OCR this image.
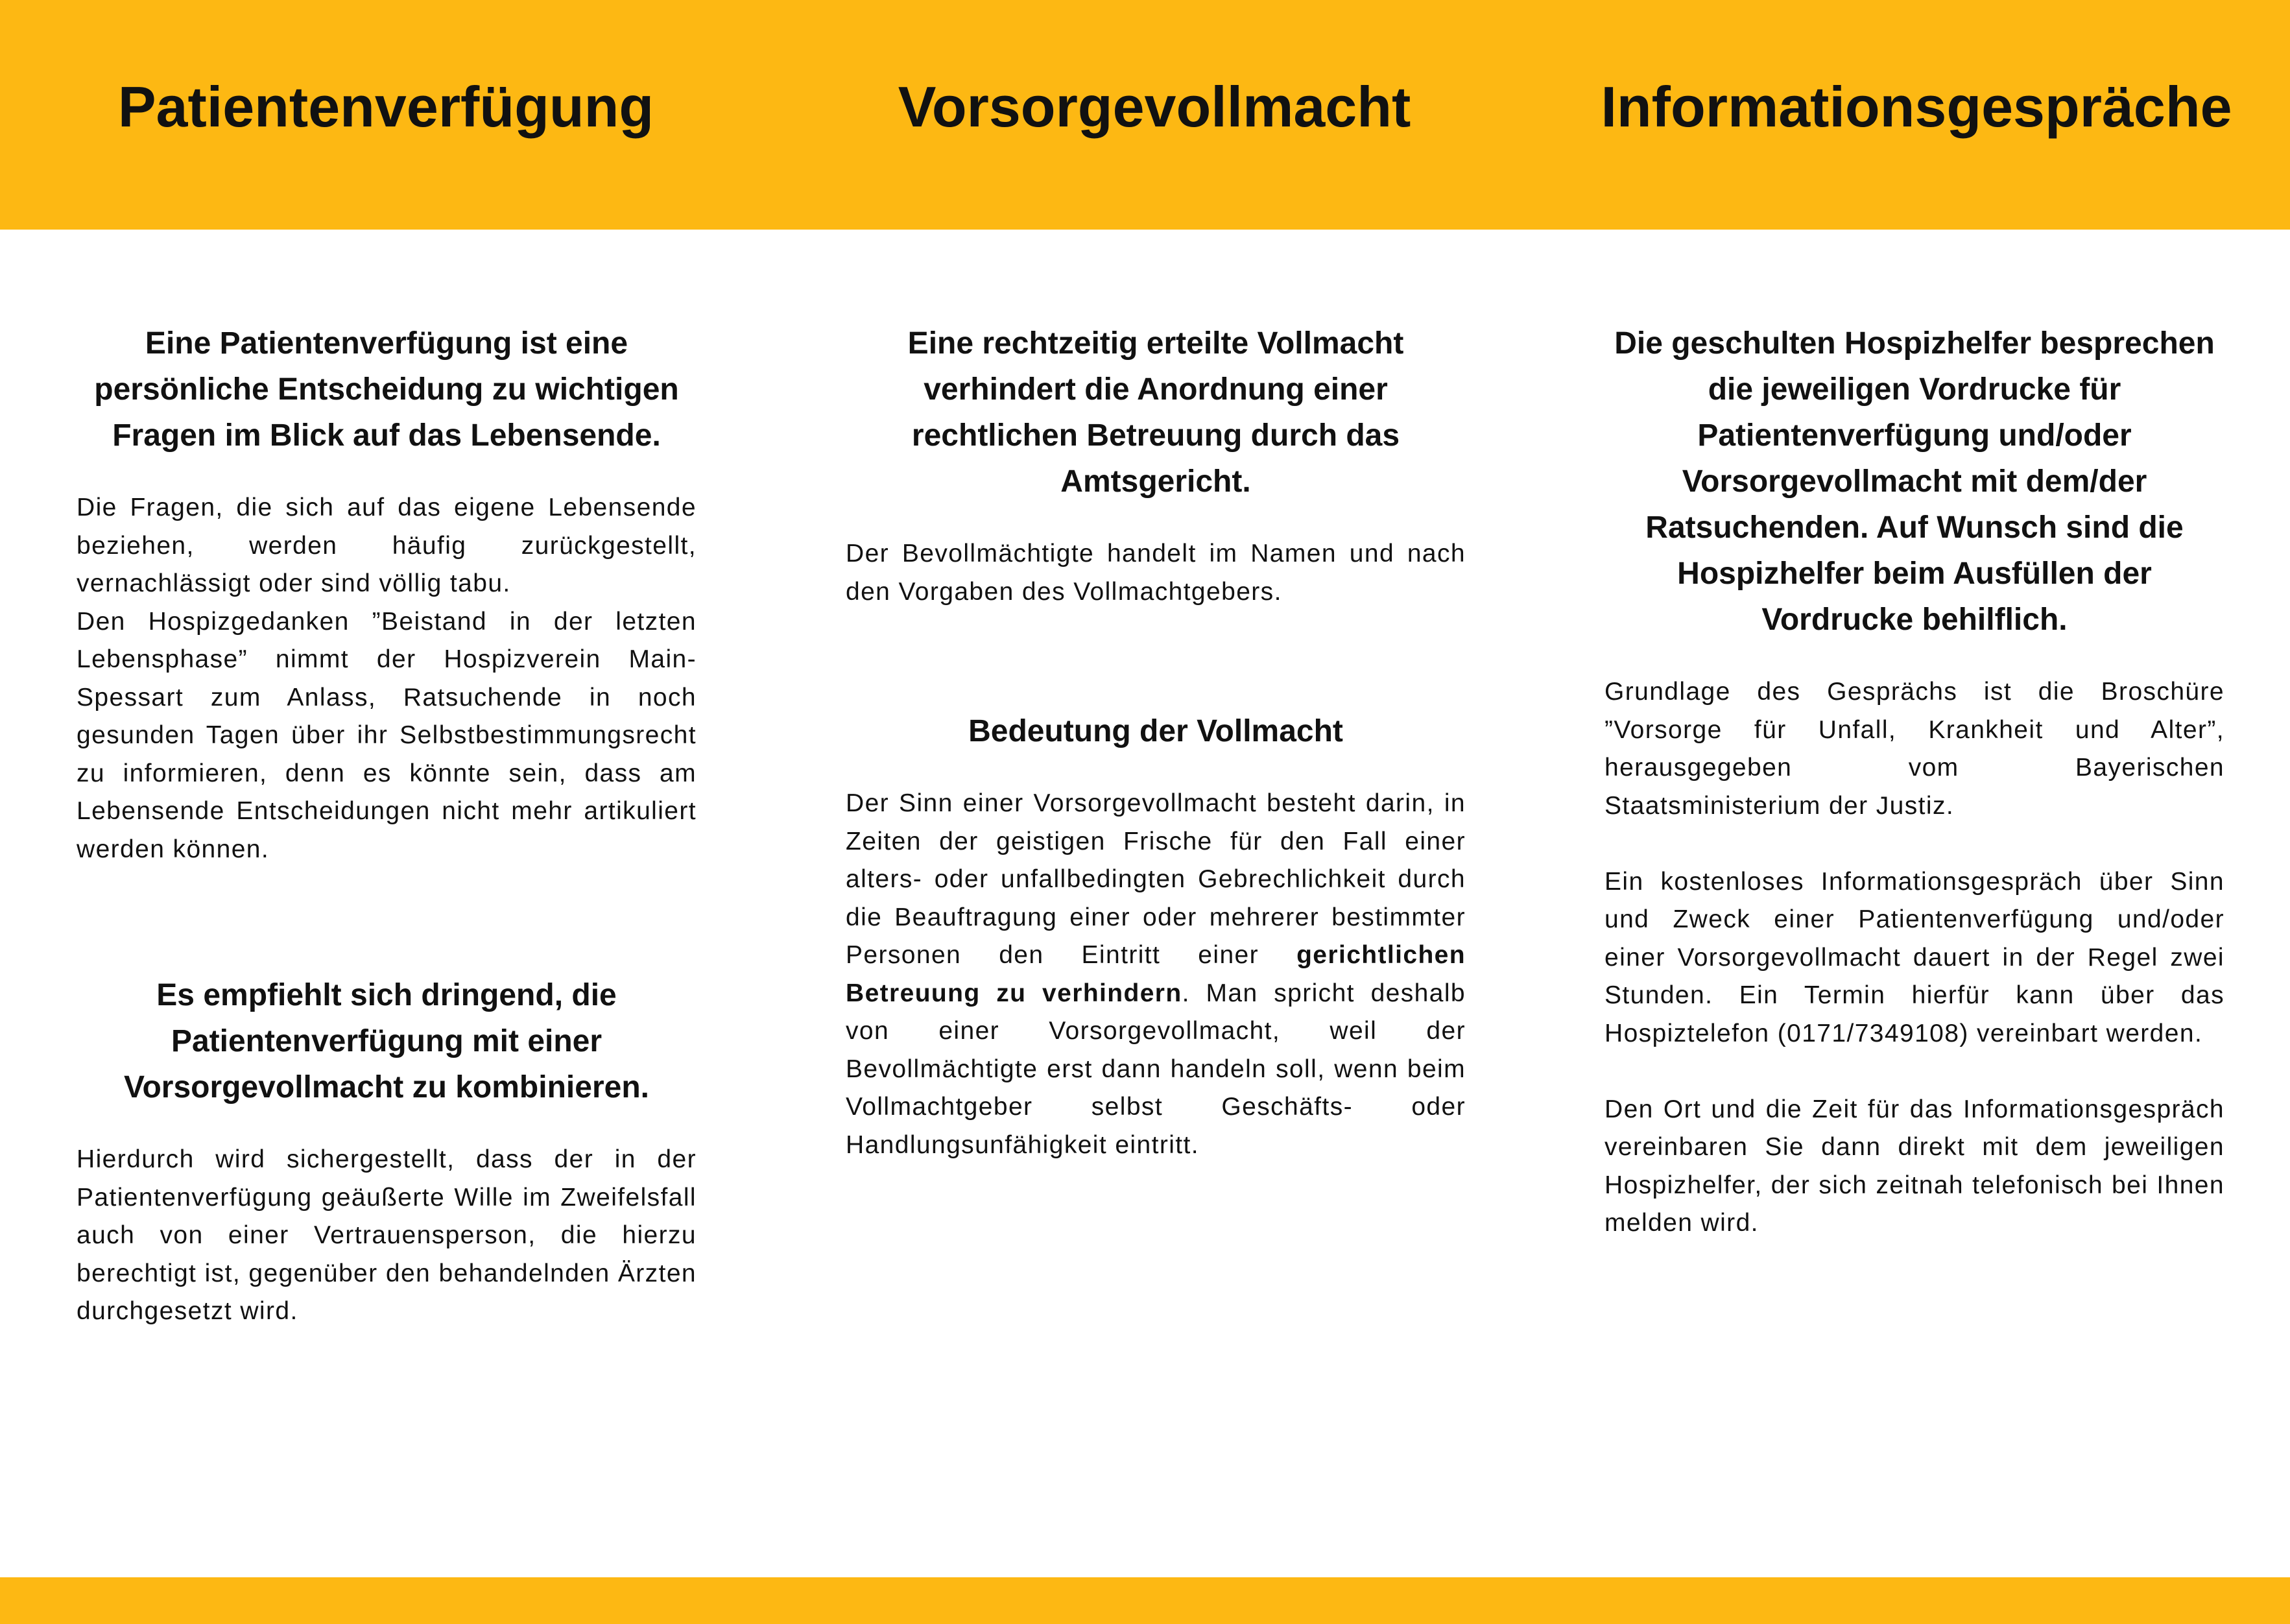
Patientenverfügung	Vorsorgevollmacht	Informationsgespräche

Eine Patientenverfügung ist eine persönliche Entscheidung zu wichtigen Fragen im Blick auf das Lebensende.

Die Fragen, die sich auf das eigene Lebensende beziehen, werden häufig zurückgestellt, vernachlässigt oder sind völlig tabu.

Den Hospizgedanken ”Beistand in der letzten Lebensphase” nimmt der Hospizverein Main-Spessart zum Anlass, Ratsuchende in noch gesunden Tagen über ihr Selbstbestimmungsrecht zu informieren, denn es könnte sein, dass am Lebensende Entscheidungen nicht mehr artikuliert werden können.

Es empfiehlt sich dringend, die Patientenverfügung mit einer Vorsorgevollmacht zu kombinieren.

Hierdurch wird sichergestellt, dass der in der Patientenverfügung geäußerte Wille im Zweifelsfall auch von einer Vertrauensperson, die hierzu berechtigt ist, gegenüber den behandelnden Ärzten durchgesetzt wird.

Eine rechtzeitig erteilte Vollmacht verhindert die Anordnung einer rechtlichen Betreuung durch das Amtsgericht.

Der Bevollmächtigte handelt im Namen und nach den Vorgaben des Vollmachtgebers.

Bedeutung der Vollmacht

Der Sinn einer Vorsorgevollmacht besteht darin, in Zeiten der geistigen Frische für den Fall einer alters- oder unfallbedingten Gebrechlichkeit durch die Beauftragung einer oder mehrerer bestimmter Personen den Eintritt einer gerichtlichen Betreuung zu verhindern. Man spricht deshalb von einer Vorsorgevollmacht, weil der Bevollmächtigte erst dann handeln soll, wenn beim Vollmachtgeber selbst Geschäfts- oder Handlungsunfähigkeit eintritt.

Die geschulten Hospizhelfer besprechen die jeweiligen Vordrucke für Patientenverfügung und/oder Vorsorgevollmacht mit dem/der Ratsuchenden. Auf Wunsch sind die Hospizhelfer beim Ausfüllen der Vordrucke behilflich.

Grundlage des Gesprächs ist die Broschüre ”Vorsorge für Unfall, Krankheit und Alter”, herausgegeben vom Bayerischen Staatsministerium der Justiz.

Ein kostenloses Informationsgespräch über Sinn und Zweck einer Patientenverfügung und/oder einer Vorsorgevollmacht dauert in der Regel zwei Stunden. Ein Termin hierfür kann über das Hospiztelefon (0171/7349108) vereinbart werden.

Den Ort und die Zeit für das Informationsgespräch vereinbaren Sie dann direkt mit dem jeweiligen Hospizhelfer, der sich zeitnah telefonisch bei Ihnen melden wird.
